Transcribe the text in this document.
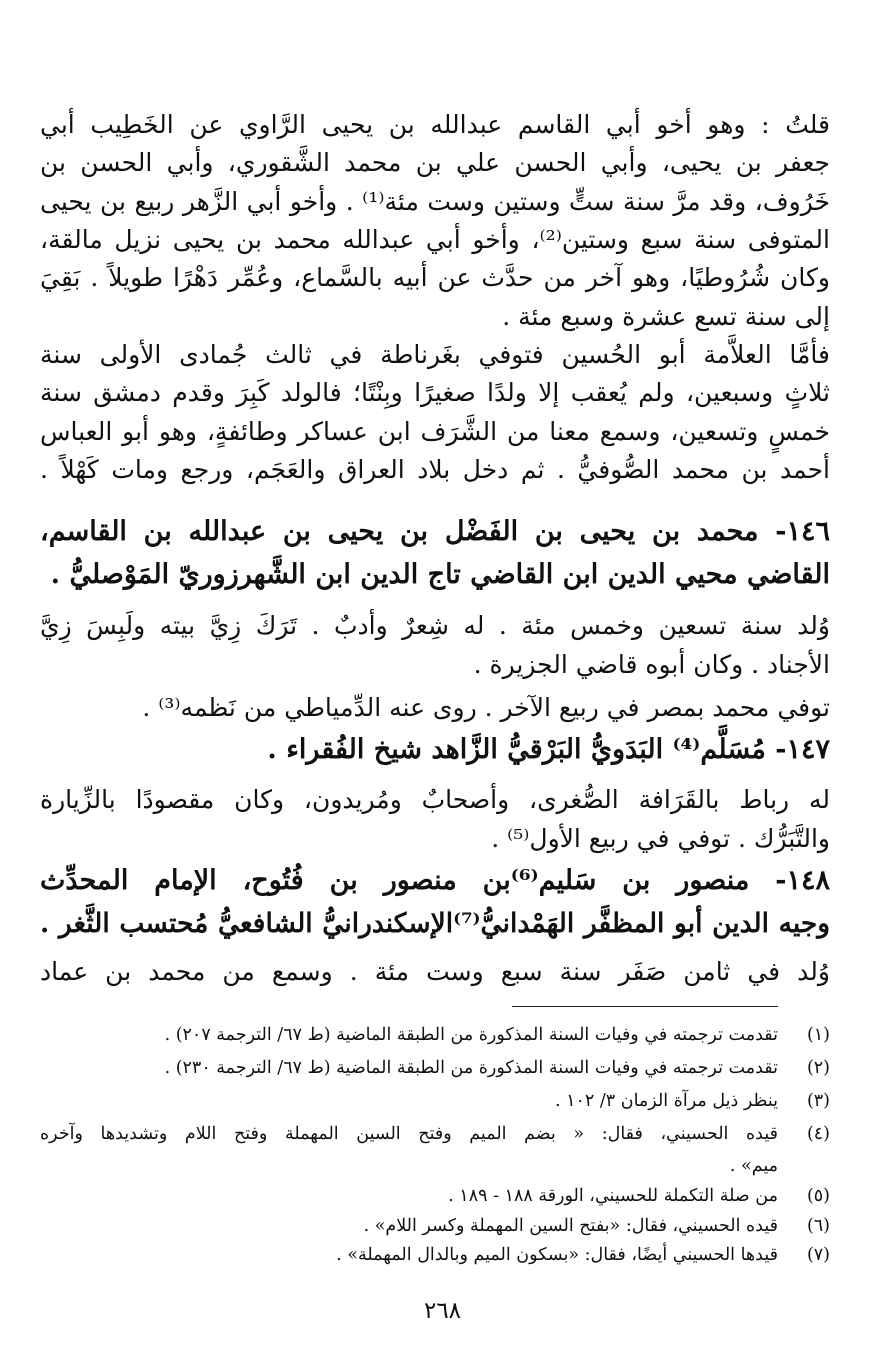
قلتُ : وهو أخو أبي القاسم عبدالله بن يحيى الرَّاوي عن الخَطِيب أبي
جعفر بن يحيى، وأبي الحسن علي بن محمد الشَّقوري، وأبي الحسن بن
خَرُوف، وقد مرَّ سنة ستٍّ وستين وست مئة⁽¹⁾ . وأخو أبي الزَّهر ربيع بن يحيى
المتوفى سنة سبع وستين⁽²⁾، وأخو أبي عبدالله محمد بن يحيى نزيل مالقة،
وكان شُرُوطيًا، وهو آخر من حدَّث عن أبيه بالسَّماع، وعُمِّر دَهْرًا طويلاً . بَقِيَ
إلى سنة تسع عشرة وسبع مئة .
فأمَّا العلاَّمة أبو الحُسين فتوفي بغَرناطة في ثالث جُمادى الأولى سنة
ثلاثٍ وسبعين، ولم يُعقب إلا ولدًا صغيرًا وبِنْتًا؛ فالولد كَبِرَ وقدم دمشق سنة
خمسٍ وتسعين، وسمع معنا من الشَّرَف ابن عساكر وطائفةٍ، وهو أبو العباس
أحمد بن محمد الصُّوفيُّ . ثم دخل بلاد العراق والعَجَم، ورجع ومات كَهْلاً .
١٤٦- محمد بن يحيى بن الفَضْل بن يحيى بن عبدالله بن القاسم،
القاضي محيي الدين ابن القاضي تاج الدين ابن الشَّهرزوريّ المَوْصليُّ .
وُلد سنة تسعين وخمس مئة . له شِعرٌ وأدبٌ . تَرَكَ زِيَّ بيته ولَبِسَ زِيَّ
الأجناد . وكان أبوه قاضي الجزيرة .
توفي محمد بمصر في ربيع الآخر . روى عنه الدِّمياطي من نَظمه⁽³⁾ .
١٤٧- مُسَلَّم⁽⁴⁾ البَدَويُّ البَرْقيُّ الزَّاهد شيخ الفُقراء .
له رباط بالقَرَافة الصُّغرى، وأصحابٌ ومُريدون، وكان مقصودًا بالزِّيارة
والتَّبَرُّك . توفي في ربيع الأول⁽⁵⁾ .
١٤٨- منصور بن سَليم⁽⁶⁾بن منصور بن فُتُوح، الإمام المحدِّث
وجيه الدين أبو المظفَّر الهَمْدانيُّ⁽⁷⁾الإسكندرانيُّ الشافعيُّ مُحتسب الثَّغر .
وُلد في ثامن صَفَر سنة سبع وست مئة . وسمع من محمد بن عماد
(١)
تقدمت ترجمته في وفيات السنة المذكورة من الطبقة الماضية (ط ٦٧/ الترجمة ٢٠٧) .
(٢)
تقدمت ترجمته في وفيات السنة المذكورة من الطبقة الماضية (ط ٦٧/ الترجمة ٢٣٠) .
(٣)
ينظر ذيل مرآة الزمان ٣/ ١٠٢ .
(٤)
قيده الحسيني، فقال: « بضم الميم وفتح السين المهملة وفتح اللام وتشديدها وآخره
ميم» .
(٥)
من صلة التكملة للحسيني، الورقة ١٨٨ - ١٨٩ .
(٦)
قيده الحسيني، فقال: «بفتح السين المهملة وكسر اللام» .
(٧)
قيدها الحسيني أيضًا، فقال: «بسكون الميم وبالدال المهملة» .
٢٦٨
